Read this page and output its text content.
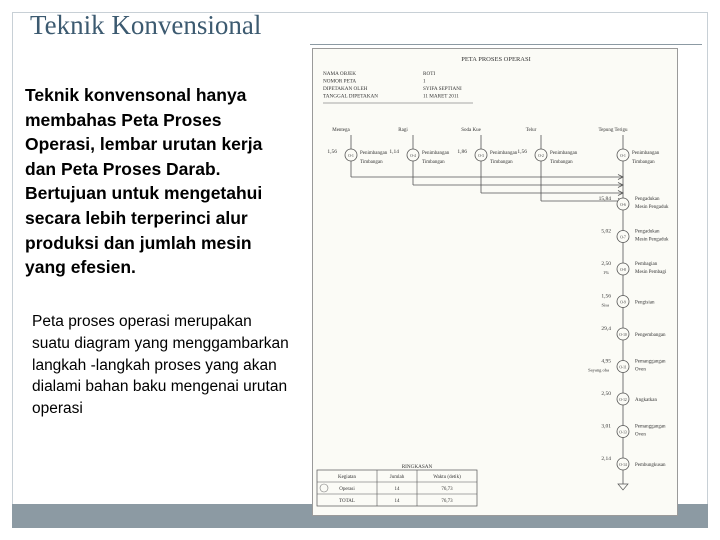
Teknik Konvensional
Teknik konvensonal hanya membahas Peta Proses Operasi, lembar urutan kerja dan Peta Proses Darab. Bertujuan untuk mengetahui secara lebih terperinci alur produksi dan jumlah mesin yang efesien.
Peta proses operasi merupakan suatu diagram yang menggambarkan langkah -langkah proses yang akan dialami bahan baku mengenai urutan operasi
PETA PROSES OPERASI
NAMA OBJEK	ROTI
NOMOR PETA	1
DIPETAKAN OLEH	SYIFA SEPTIANI
TANGGAL DIPETAKAN	11 MARET 2011
Mentega	Ragi	Soda Kue	Telur	Tepung Terigu
1,56
O-1 Penimbangan
Timbangan
1,14
O-4 Penimbangan
Timbangan
1,86
O-3 Penimbangan
Timbangan
1,56
O-2 Penimbangan
Timbangan
O-1 Penimbangan
Timbangan
15,84
O-6
Pengadukan
Mesin Pengaduk
5,02
O-7
Pengadukan
Mesin Pengaduk
2,50
1%	O-8
Pembagian
Mesin Pembagi
1,56
Sisa	O-9 Pengisian
29,4
O-10 Pengembangan
4,95
Sayang oba	O-11
Pemanggangan
Oven
2,50
O-12 Angkatkan
3,01
O-13
Pemanggangan
Oven
2,14
O-14 Pembungkusan
RINGKASAN
Kegiatan	Jumlah	Waktu (detik)
Operasi	14	76,73
TOTAL	14	76,73
